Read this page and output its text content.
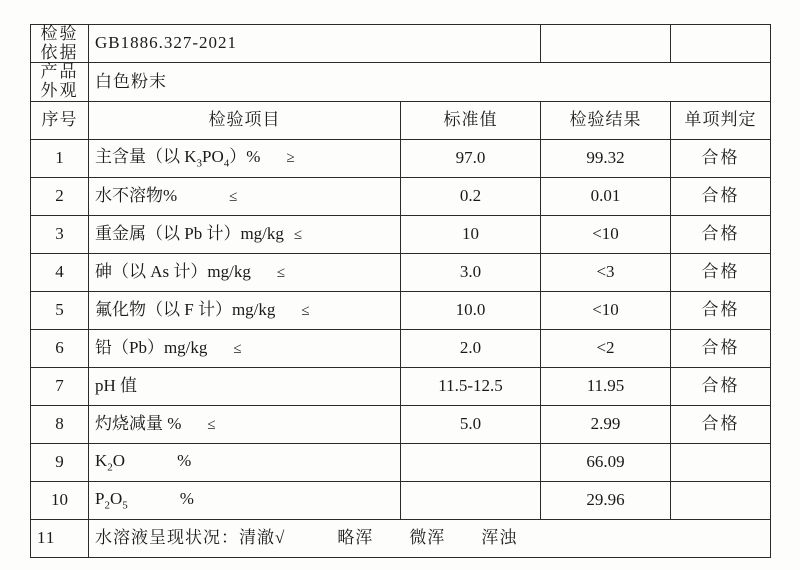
检验依据	GB1886.327-2021			
产品外观	白色粉末			
序号	检验项目	标准值	检验结果	单项判定
1	主含量（以 $K_3PO_4)\%$ ≥	97.0	99.32	合格
2	水不溶物% ≤	0.2	0.01	合格
3	重金属（以 Pb 计）mg/kg ≤	10	<10	合格
4	砷（以 As 计）mg/kg ≤	3.0	<3	合格
5	氟化物（以 F 计）mg/kg ≤	10.0	<10	合格
6	铅（Pb）mg/kg ≤	2.0	<2	合格
7	pH 值	11.5-12.5	11.95	合格
8	灼烧减量 % ≤	5.0	2.99	合格
9	$K_2O$ %		66.09	
10	$P_2O_5$ %		29.96	
11	水溶液呈现状况：清澈√ 略浑 微浑 浑浊			
